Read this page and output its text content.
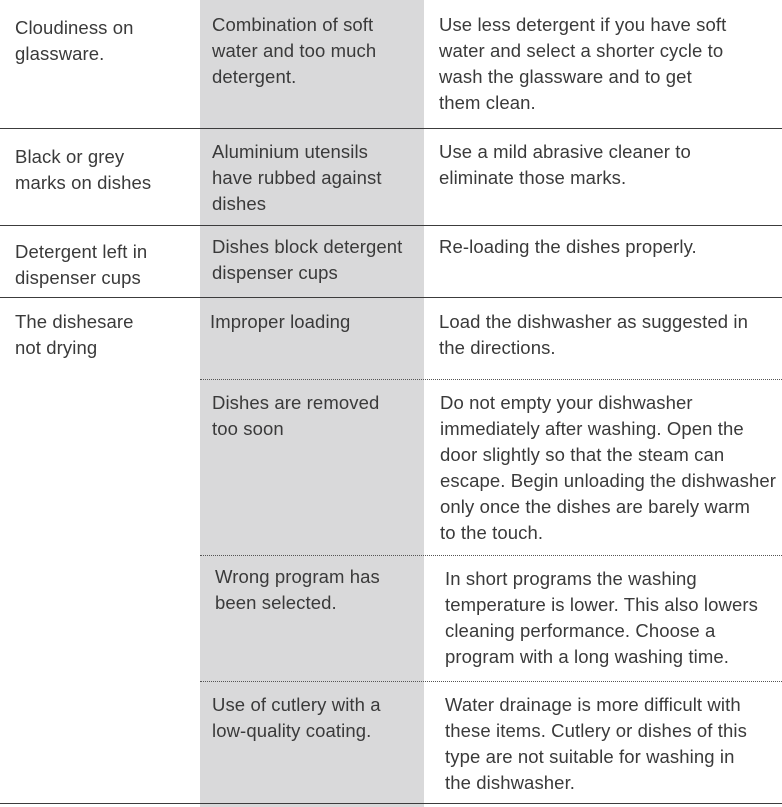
Cloudiness on
glassware.
Combination of soft
water and too much
detergent.
Use less detergent if you have soft
water and select a shorter cycle to
wash the glassware and to get
them clean.
Black or grey
marks on dishes
Aluminium utensils
have rubbed against
dishes
Use a mild abrasive cleaner to
eliminate those marks.
Detergent left in
dispenser cups
Dishes block detergent
dispenser cups
Re-loading the dishes properly.
The dishesare
not drying
Improper loading	Load the dishwasher as suggested in
the directions.
Dishes are removed
too soon
Do not empty your dishwasher
immediately after washing. Open the
door slightly so that the steam can
escape. Begin unloading the dishwasher
only once the dishes are barely warm
to the touch.
Wrong program has
been selected.
In short programs the washing
temperature is lower. This also lowers
cleaning performance. Choose a
program with a long washing time.
Use of cutlery with a
low-quality coating.
Water drainage is more difficult with
these items. Cutlery or dishes of this
type are not suitable for washing in
the dishwasher.
